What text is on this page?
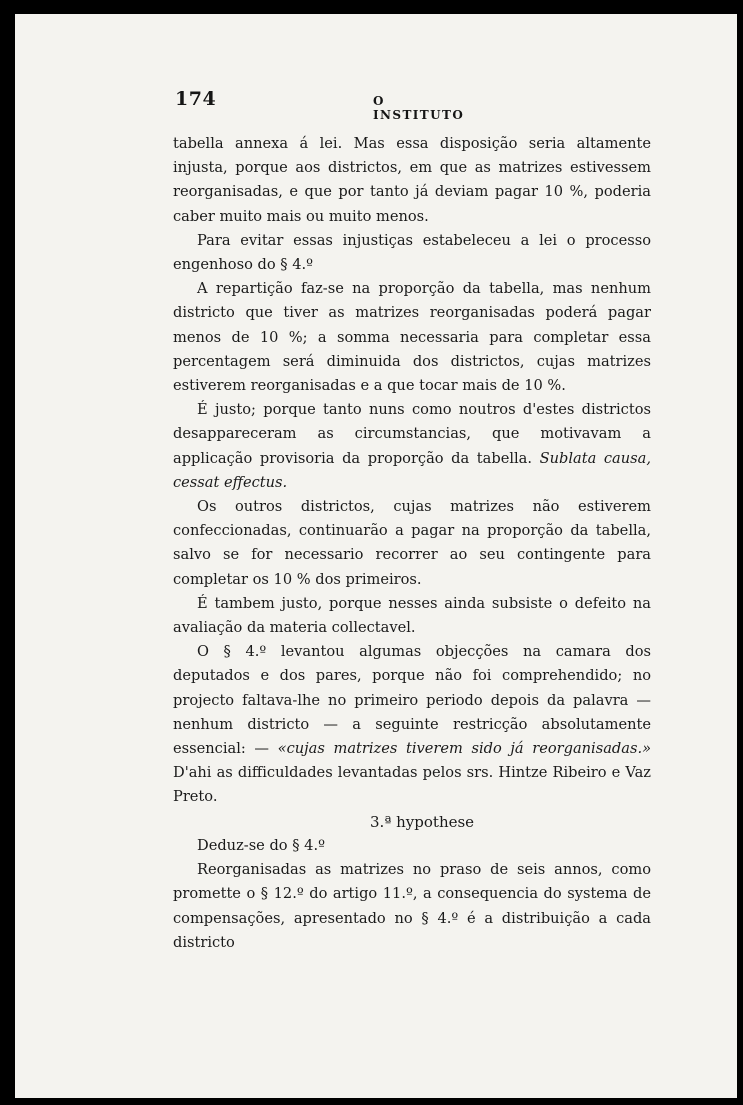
174	O INSTITUTO

tabella annexa á lei. Mas essa disposição seria altamente injusta, porque aos districtos, em que as matrizes estivessem reorganisadas, e que por tanto já deviam pagar 10 %, poderia caber muito mais ou muito menos.

Para evitar essas injustiças estabeleceu a lei o processo engenhoso do § 4.º

A repartição faz-se na proporção da tabella, mas nenhum districto que tiver as matrizes reorganisadas poderá pagar menos de 10 %; a somma necessaria para completar essa percentagem será diminuida dos districtos, cujas matrizes estiverem reorganisadas e a que tocar mais de 10 %.

É justo; porque tanto nuns como noutros d'estes districtos desappareceram as circumstancias, que motivavam a applicação provisoria da proporção da tabella. Sublata causa, cessat effectus.

Os outros districtos, cujas matrizes não estiverem confeccionadas, continuarão a pagar na proporção da tabella, salvo se for necessario recorrer ao seu contingente para completar os 10 % dos primeiros.

É tambem justo, porque nesses ainda subsiste o defeito na avaliação da materia collectavel.

O § 4.º levantou algumas objecções na camara dos deputados e dos pares, porque não foi comprehendido; no projecto faltava-lhe no primeiro periodo depois da palavra — nenhum districto — a seguinte restricção absolutamente essencial: — «cujas matrizes tiverem sido já reorganisadas.» D'ahi as difficuldades levantadas pelos srs. Hintze Ribeiro e Vaz Preto.

3.ª hypothese

Deduz-se do § 4.º

Reorganisadas as matrizes no praso de seis annos, como promette o § 12.º do artigo 11.º, a consequencia do systema de compensações, apresentado no § 4.º é a distribuição a cada districto
